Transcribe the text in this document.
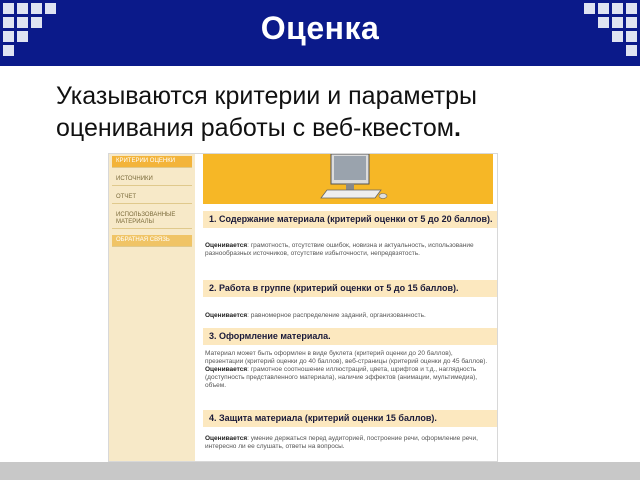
Оценка
Указываются критерии и параметры оценивания работы с веб-квестом.
КРИТЕРИИ ОЦЕНКИ
ИСТОЧНИКИ
ОТЧЕТ
ИСПОЛЬЗОВАННЫЕ МАТЕРИАЛЫ
ОБРАТНАЯ СВЯЗЬ
1. Содержание материала (критерий оценки от 5 до 20 баллов).
Оценивается: грамотность, отсутствие ошибок, новизна и актуальность, использование разнообразных источников, отсутствие избыточности, непредвзятость.
2. Работа в группе (критерий оценки от 5 до 15 баллов).
Оценивается: равномерное распределение заданий, организованность.
3. Оформление материала.
Материал может быть оформлен в виде буклета (критерий оценки до 20 баллов), презентации (критерий оценки до 40 баллов), веб-страницы (критерий оценки до 45 баллов).
Оценивается: грамотное соотношение иллюстраций, цвета, шрифтов и т.д., наглядность (доступность представленного материала), наличие эффектов (анимации, мультимедиа), объем.
4. Защита материала (критерий оценки 15 баллов).
Оценивается: умение держаться перед аудиторией, построение речи, оформление речи, интересно ли ее слушать, ответы на вопросы.
